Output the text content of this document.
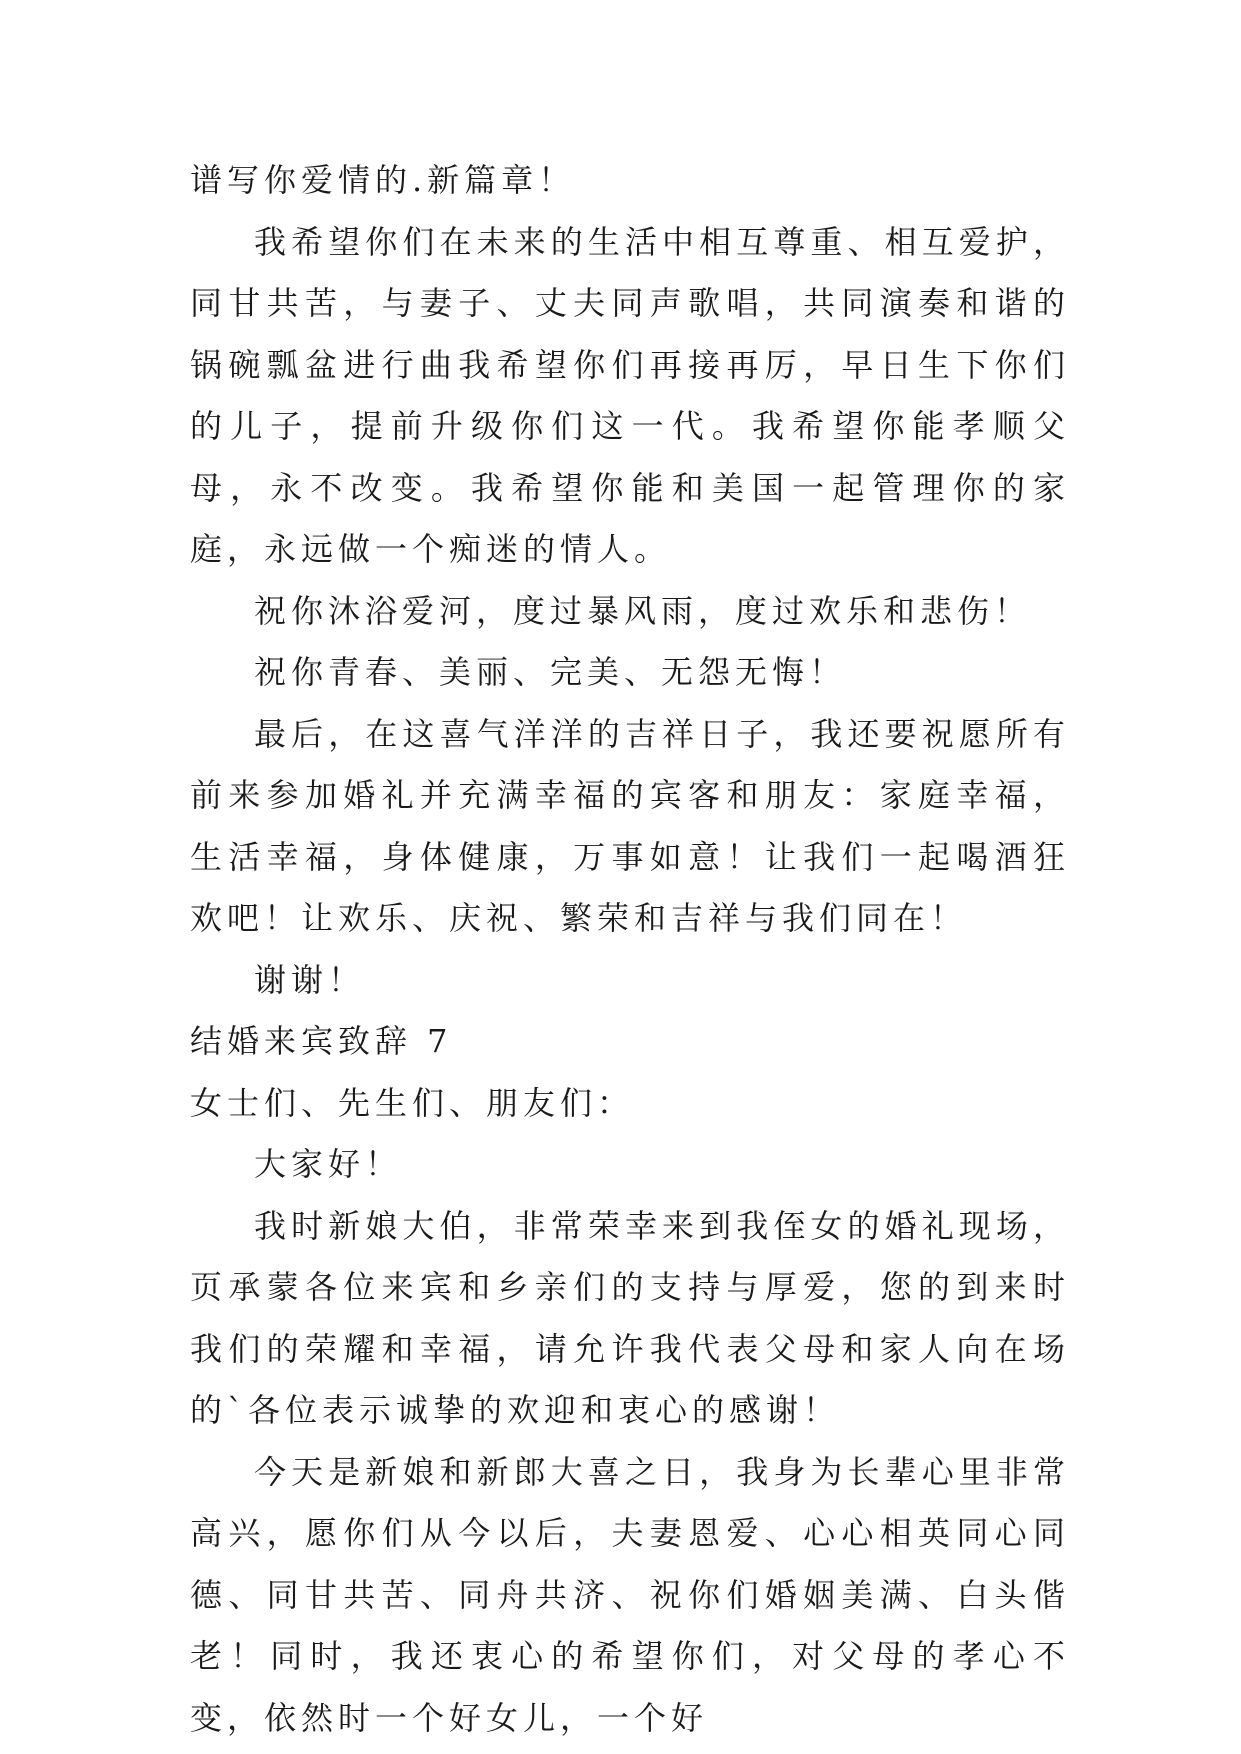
谱写你爱情的.新篇章！

我希望你们在未来的生活中相互尊重、相互爱护，同甘共苦，与妻子、丈夫同声歌唱，共同演奏和谐的锅碗瓢盆进行曲我希望你们再接再厉，早日生下你们的儿子，提前升级你们这一代。我希望你能孝顺父母，永不改变。我希望你能和美国一起管理你的家庭，永远做一个痴迷的情人。

祝你沐浴爱河，度过暴风雨，度过欢乐和悲伤！

祝你青春、美丽、完美、无怨无悔！

最后，在这喜气洋洋的吉祥日子，我还要祝愿所有前来参加婚礼并充满幸福的宾客和朋友：家庭幸福，生活幸福，身体健康，万事如意！让我们一起喝酒狂欢吧！让欢乐、庆祝、繁荣和吉祥与我们同在！

谢谢！

结婚来宾致辞 7

女士们、先生们、朋友们：

大家好！

我时新娘大伯，非常荣幸来到我侄女的婚礼现场，页承蒙各位来宾和乡亲们的支持与厚爱，您的到来时我们的荣耀和幸福，请允许我代表父母和家人向在场的`各位表示诚挚的欢迎和衷心的感谢！

今天是新娘和新郎大喜之日，我身为长辈心里非常高兴，愿你们从今以后，夫妻恩爱、心心相英同心同德、同甘共苦、同舟共济、祝你们婚姻美满、白头偕老！同时，我还衷心的希望你们，对父母的孝心不变，依然时一个好女儿，一个好
